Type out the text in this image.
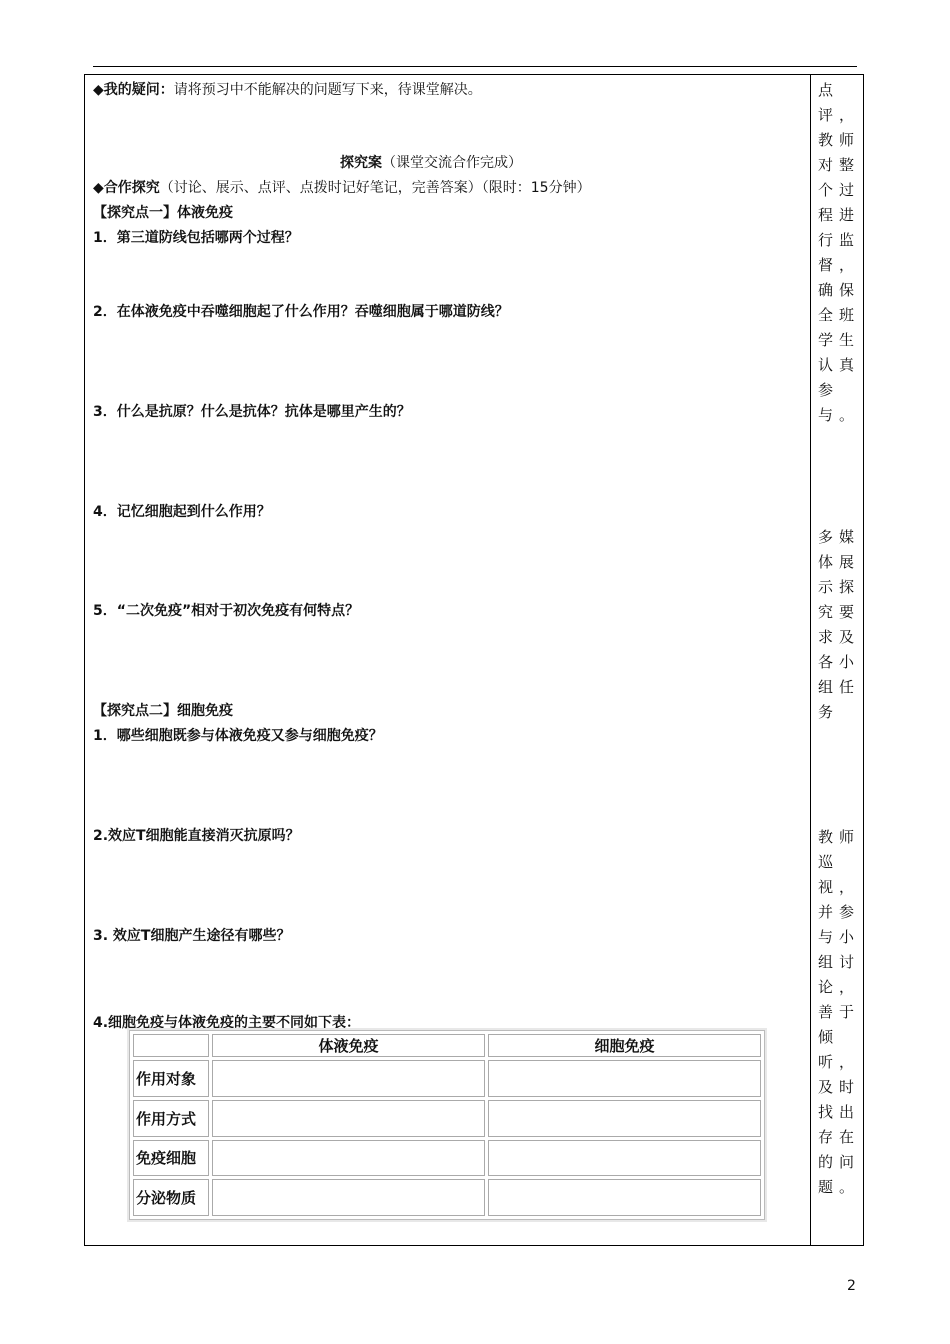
◆我的疑问：请将预习中不能解决的问题写下来，待课堂解决。
探究案（课堂交流合作完成）
◆合作探究（讨论、展示、点评、点拨时记好笔记，完善答案）（限时：15分钟）
【探究点一】体液免疫
1．第三道防线包括哪两个过程？
2．在体液免疫中吞噬细胞起了什么作用？吞噬细胞属于哪道防线？
3．什么是抗原？什么是抗体？抗体是哪里产生的？
4．记忆细胞起到什么作用？
5．“二次免疫”相对于初次免疫有何特点？
【探究点二】细胞免疫
1．哪些细胞既参与体液免疫又参与细胞免疫？
2.效应T细胞能直接消灭抗原吗？
3. 效应T细胞产生途径有哪些？
4.细胞免疫与体液免疫的主要不同如下表：
	体液免疫	细胞免疫
作用对象		
作用方式		
免疫细胞		
分泌物质		
点评，教师对整个过程进行监督，确保全班学生认真参与。
多媒体展示探究要求及各小组任务
教师巡视，并参与小组讨论，善于倾听，及时找出存在的问题。
2
